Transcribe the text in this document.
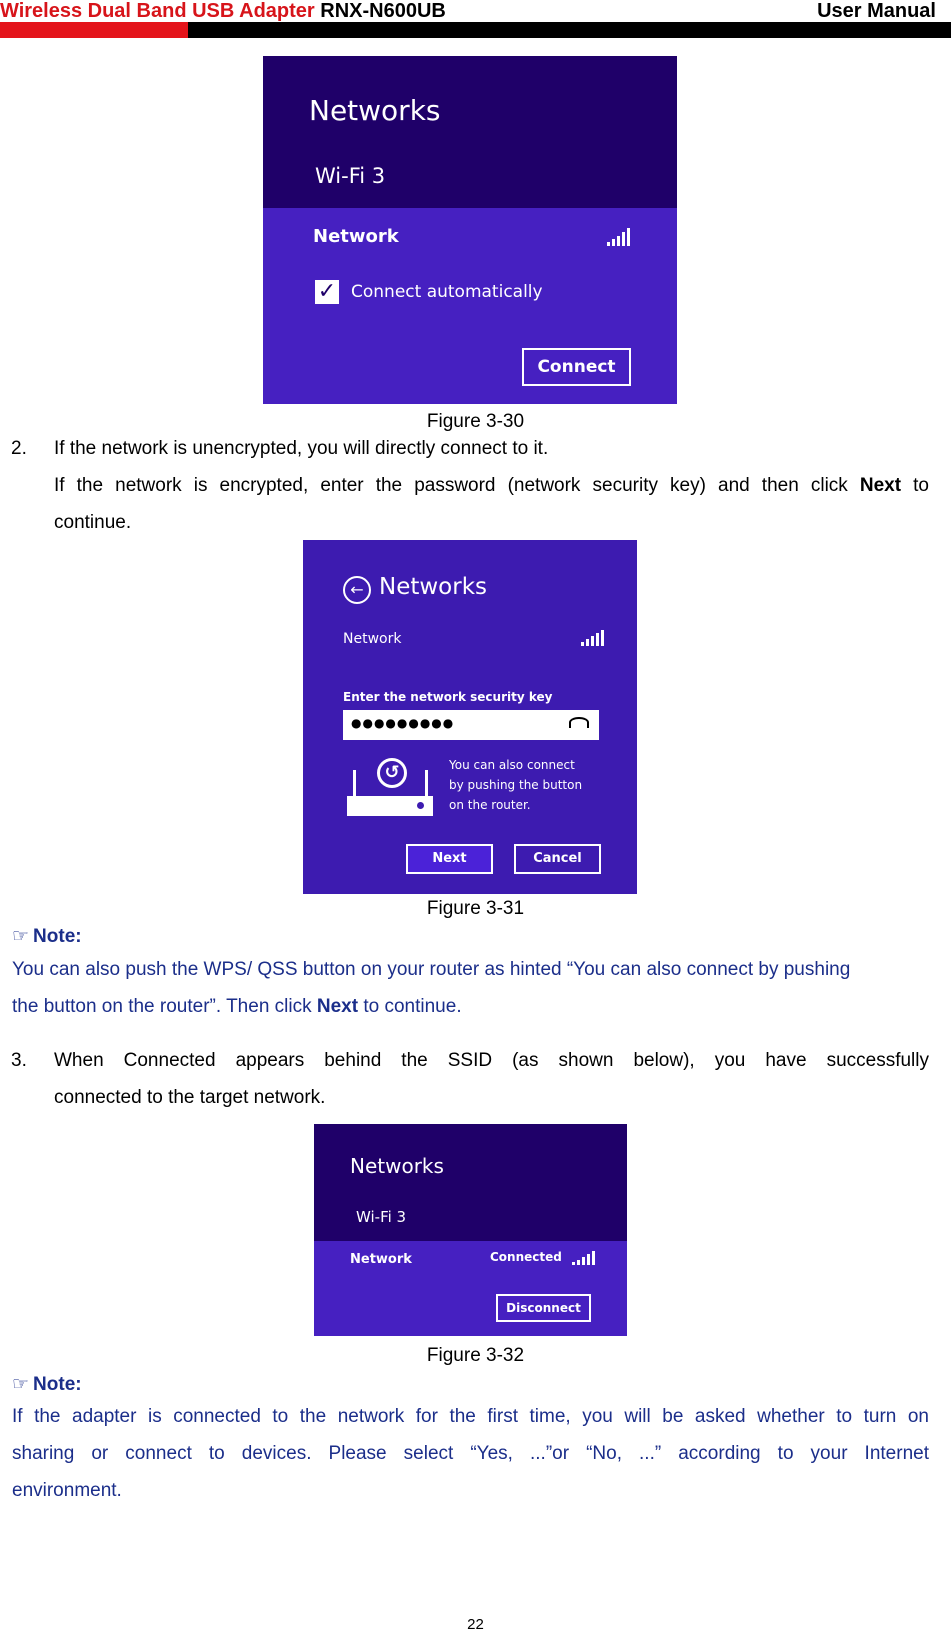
Wireless Dual Band USB Adapter RNX-N600UB	User Manual
Networks
Wi-Fi 3
Network
✓ Connect automatically
Connect
Figure 3-30
2. If the network is unencrypted, you will directly connect to it.
If the network is encrypted, enter the password (network security key) and then click Next to
continue.
← Networks
Network
Enter the network security key
●●●●●●●●●
↺	You can also connect
by pushing the button
on the router.
Next	Cancel
Figure 3-31
☞ Note:
You can also push the WPS/ QSS button on your router as hinted “You can also connect by pushing
the button on the router”. Then click Next to continue.
3. When Connected appears behind the SSID (as shown below), you have successfully
connected to the target network.
Networks
Wi-Fi 3
Network	Connected
Disconnect
Figure 3-32
☞ Note:
If the adapter is connected to the network for the first time, you will be asked whether to turn on
sharing or connect to devices. Please select “Yes, ...”or “No, ...” according to your Internet
environment.
22
